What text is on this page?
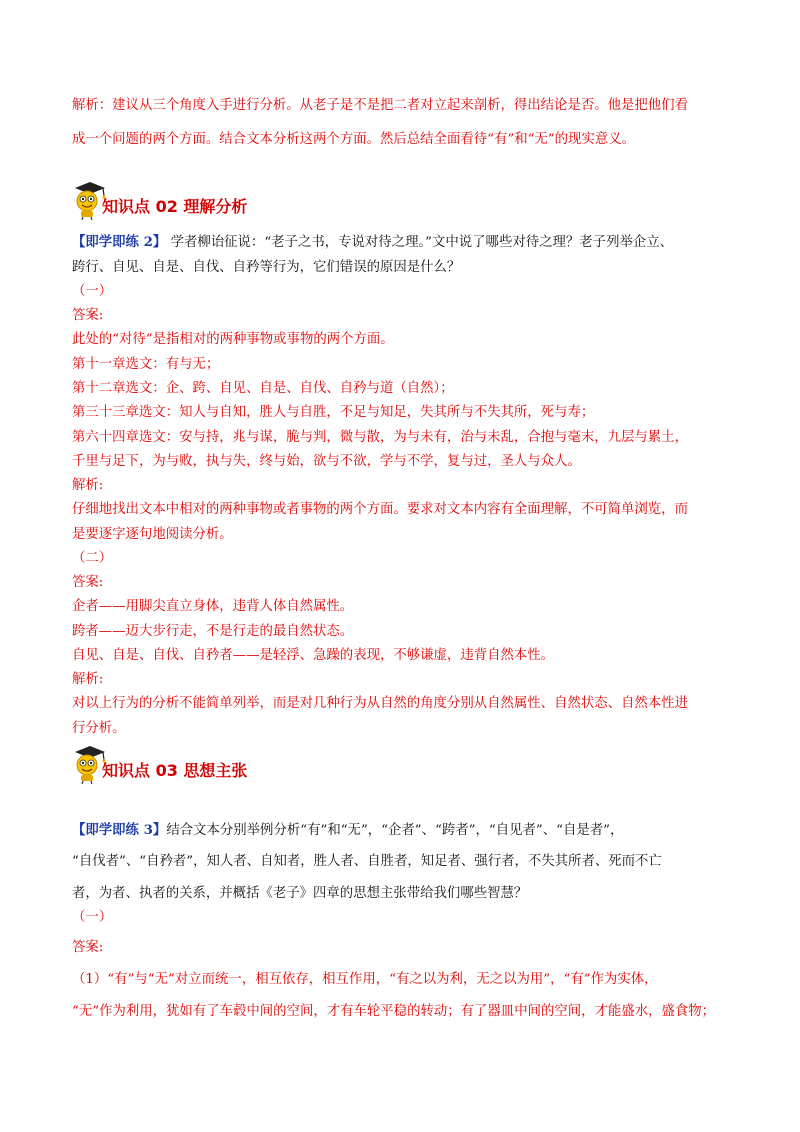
解析：建议从三个角度入手进行分析。从老子是不是把二者对立起来剖析，得出结论是否。他是把他们看
成一个问题的两个方面。结合文本分析这两个方面。然后总结全面看待“有”和“无”的现实意义。
知识点 02 理解分析
【即学即练 2】 学者柳诒征说：“老子之书，专说对待之理。”文中说了哪些对待之理？老子列举企立、
跨行、自见、自是、自伐、自矜等行为，它们错误的原因是什么？
（一）
答案:
此处的“对待”是指相对的两种事物或事物的两个方面。
第十一章选文：有与无；
第十二章选文：企、跨、自见、自是、自伐、自矜与道（自然）；
第三十三章选文：知人与自知，胜人与自胜，不足与知足，失其所与不失其所，死与寿；
第六十四章选文：安与持，兆与谋，脆与判，微与散，为与未有，治与未乱，合抱与毫末，九层与累土，
千里与足下，为与败，执与失，终与始，欲与不欲，学与不学，复与过，圣人与众人。
解析:
仔细地找出文本中相对的两种事物或者事物的两个方面。要求对文本内容有全面理解，不可简单浏览，而
是要逐字逐句地阅读分析。
（二）
答案:
企者——用脚尖直立身体，违背人体自然属性。
跨者——迈大步行走，不是行走的最自然状态。
自见、自是、自伐、自矜者——是轻浮、急躁的表现，不够谦虚，违背自然本性。
解析:
对以上行为的分析不能简单列举，而是对几种行为从自然的角度分别从自然属性、自然状态、自然本性进
行分析。
知识点 03 思想主张
【即学即练 3】结合文本分别举例分析“有”和“无”，“企者”、“跨者”，“自见者”、“自是者”，
“自伐者”、“自矜者”，知人者、自知者，胜人者、自胜者，知足者、强行者，不失其所者、死而不亡
者，为者、执者的关系，并概括《老子》四章的思想主张带给我们哪些智慧？
（一）
答案:
（1）“有”与“无”对立而统一，相互依存，相互作用，“有之以为利，无之以为用”，“有”作为实体，
“无”作为利用，犹如有了车毂中间的空间，才有车轮平稳的转动；有了器皿中间的空间，才能盛水，盛食物；
